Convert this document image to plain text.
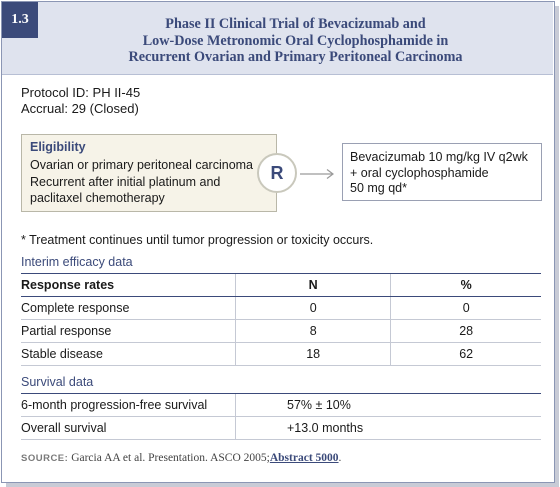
1.3	Phase II Clinical Trial of Bevacizumab and
Low-Dose Metronomic Oral Cyclophosphamide in
Recurrent Ovarian and Primary Peritoneal Carcinoma
Protocol ID: PH II-45
Accrual: 29 (Closed)
Eligibility
Ovarian or primary peritoneal carcinoma
Recurrent after initial platinum and
paclitaxel chemotherapy
R
Bevacizumab 10 mg/kg IV q2wk
+ oral cyclophosphamide
50 mg qd*
* Treatment continues until tumor progression or toxicity occurs.
Interim efficacy data
Response rates	N	%
Complete response	0	0
Partial response	8	28
Stable disease	18	62
Survival data
6-month progression-free survival	57% ± 10%
Overall survival	+13.0 months
SOURCE: Garcia AA et al. Presentation. ASCO 2005;Abstract 5000.
